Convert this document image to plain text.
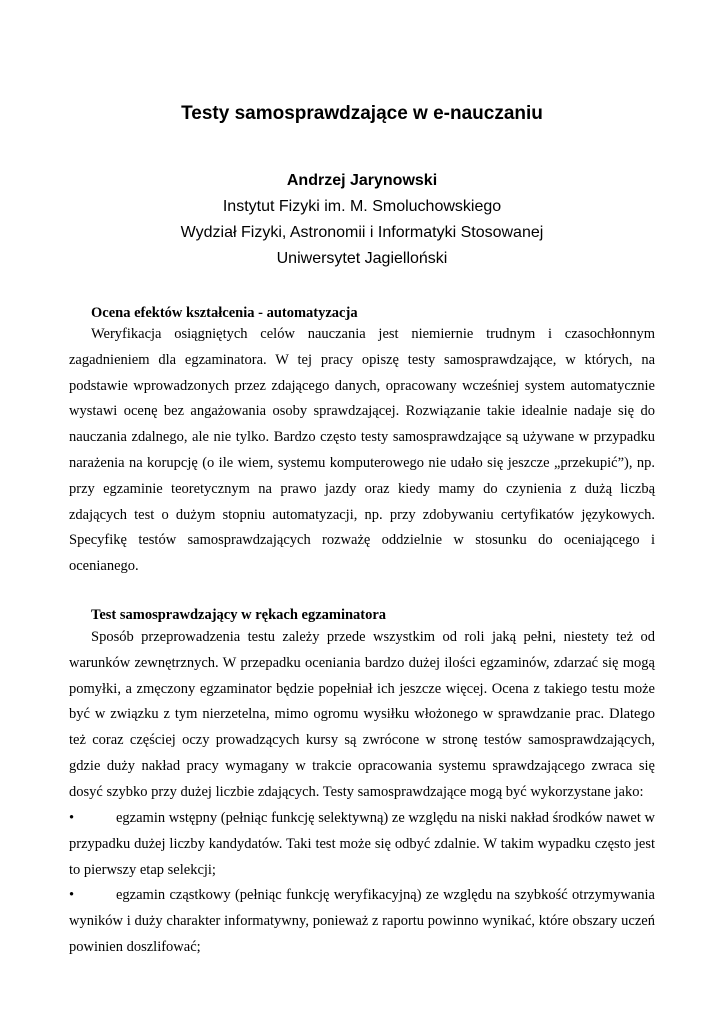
Testy samosprawdzające w e-nauczaniu
Andrzej Jarynowski
Instytut Fizyki im. M. Smoluchowskiego
Wydział Fizyki, Astronomii i Informatyki Stosowanej
Uniwersytet Jagielloński
Ocena efektów kształcenia - automatyzacja

Weryfikacja osiągniętych celów nauczania jest niemiernie trudnym i czasochłonnym zagadnieniem dla egzaminatora. W tej pracy opiszę testy samosprawdzające, w których, na podstawie wprowadzonych przez zdającego danych, opracowany wcześniej system automatycznie wystawi ocenę bez angażowania osoby sprawdzającej. Rozwiązanie takie idealnie nadaje się do nauczania zdalnego, ale nie tylko. Bardzo często testy samosprawdzające są używane w przypadku narażenia na korupcję (o ile wiem, systemu komputerowego nie udało się jeszcze „przekupić”), np. przy egzaminie teoretycznym na prawo jazdy oraz kiedy mamy do czynienia z dużą liczbą zdających test o dużym stopniu automatyzacji, np. przy zdobywaniu certyfikatów językowych. Specyfikę testów samosprawdzających rozważę oddzielnie w stosunku do oceniającego i ocenianego.

Test samosprawdzający w rękach egzaminatora

Sposób przeprowadzenia testu zależy przede wszystkim od roli jaką pełni, niestety też od warunków zewnętrznych. W przepadku oceniania bardzo dużej ilości egzaminów, zdarzać się mogą pomyłki, a zmęczony egzaminator będzie popełniał ich jeszcze więcej. Ocena z takiego testu może być w związku z tym nierzetelna, mimo ogromu wysiłku włożonego w sprawdzanie prac. Dlatego też coraz częściej oczy prowadzących kursy są zwrócone w stronę testów samosprawdzających, gdzie duży nakład pracy wymagany w trakcie opracowania systemu sprawdzającego zwraca się dosyć szybko przy dużej liczbie zdających. Testy samosprawdzające mogą być wykorzystane jako:

•	egzamin wstępny (pełniąc funkcję selektywną) ze względu na niski nakład środków nawet w przypadku dużej liczby kandydatów. Taki test może się odbyć zdalnie. W takim wypadku często jest to pierwszy etap selekcji;
•	egzamin cząstkowy (pełniąc funkcję weryfikacyjną) ze względu na szybkość otrzymywania wyników i duży charakter informatywny, ponieważ z raportu powinno wynikać, które obszary uczeń powinien doszlifować;
